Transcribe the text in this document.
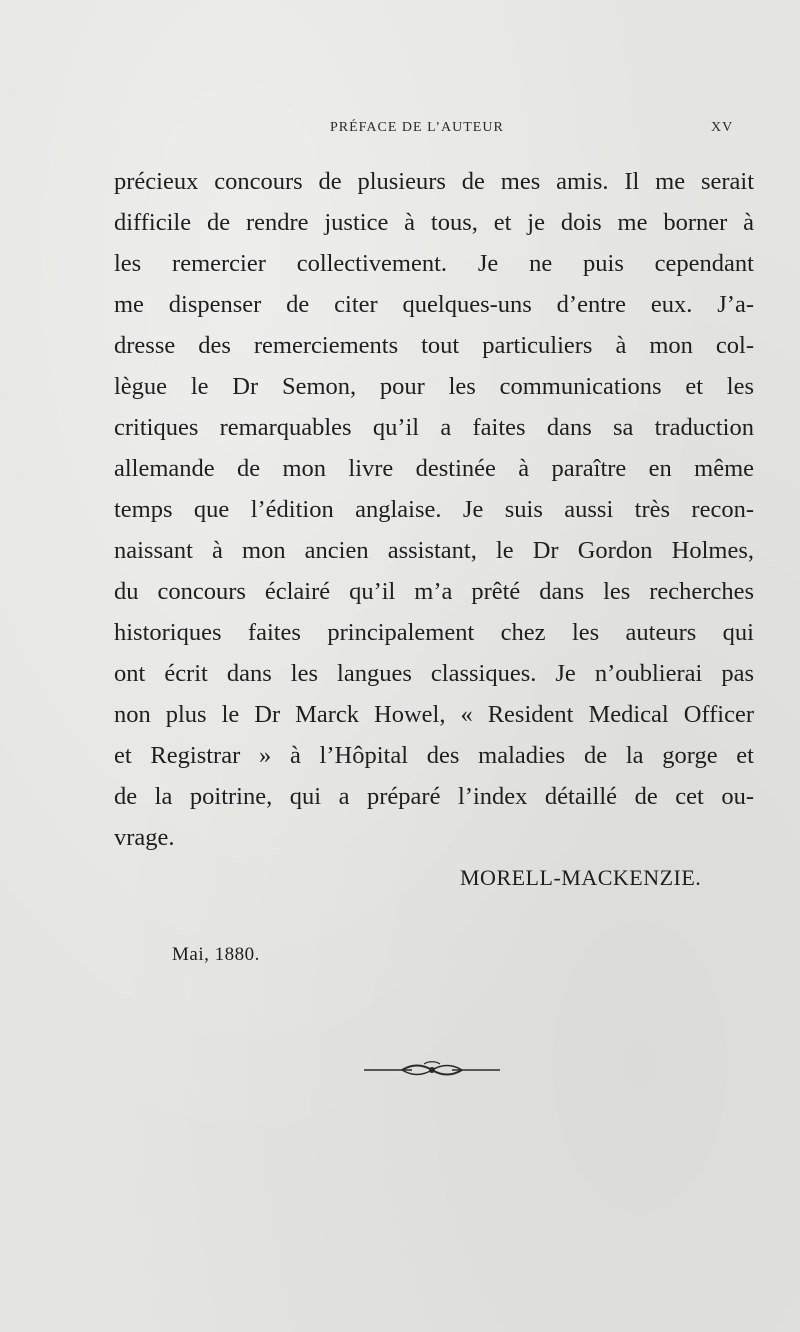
PRÉFACE DE L’AUTEUR	XV
précieux concours de plusieurs de mes amis. Il me serait
difficile de rendre justice à tous, et je dois me borner à
les remercier collectivement. Je ne puis cependant
me dispenser de citer quelques-uns d’entre eux. J’a-
dresse des remerciements tout particuliers à mon col-
lègue le Dr Semon, pour les communications et les
critiques remarquables qu’il a faites dans sa traduction
allemande de mon livre destinée à paraître en même
temps que l’édition anglaise. Je suis aussi très recon-
naissant à mon ancien assistant, le Dr Gordon Holmes,
du concours éclairé qu’il m’a prêté dans les recherches
historiques faites principalement chez les auteurs qui
ont écrit dans les langues classiques. Je n’oublierai pas
non plus le Dr Marck Howel, « Resident Medical Officer
et Registrar » à l’Hôpital des maladies de la gorge et
de la poitrine, qui a préparé l’index détaillé de cet ou-
vrage.
MORELL-MACKENZIE.
Mai, 1880.
